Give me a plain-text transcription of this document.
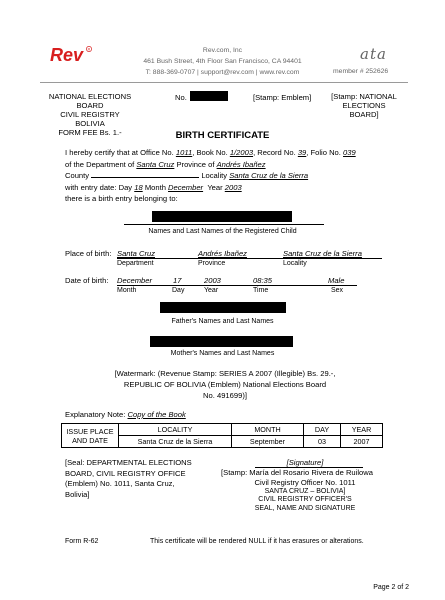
Rev R	Rev.com, Inc
461 Bush Street, 4th Floor San Francisco, CA 94401
T: 888-369-0707 | support@rev.com | www.rev.com
ata
member # 252626
NATIONAL ELECTIONS BOARD
CIVIL REGISTRY
BOLIVIA
FORM FEE Bs. 1.-
No.	[Stamp: Emblem]	[Stamp: NATIONAL
ELECTIONS BOARD]
BIRTH CERTIFICATE
I hereby certify that at Office No. 1011, Book No. 1/2003, Record No. 39, Folio No. 039
of the Department of Santa Cruz Province of Andrés Ibañez
County	Locality Santa Cruz de la Sierra
with entry date: Day 18 Month December Year 2003
there is a birth entry belonging to:
Names and Last Names of the Registered Child
Place of birth: Santa Cruz	Andrés Ibañez	Santa Cruz de la Sierra
Department	Province	Locality
Date of birth: December	17	2003	08:35	Male
Month	Day	Year	Time	Sex
Father's Names and Last Names
Mother's Names and Last Names
[Watermark: (Revenue Stamp: SERIES A 2007 (Illegible) Bs. 29.-,
REPUBLIC OF BOLIVIA (Emblem) National Elections Board
No. 491699)]
Explanatory Note: Copy of the Book
ISSUE PLACE
AND DATE	LOCALITY	MONTH	DAY	YEAR
	Santa Cruz de la Sierra	September	03	2007
[Seal: DEPARTMENTAL ELECTIONS
BOARD, CIVIL REGISTRY OFFICE
(Emblem) No. 1011, Santa Cruz,
Bolivia]
[Signature]
[Stamp: María del Rosario Rivera de Ruilowa
Civil Registry Officer No. 1011
SANTA CRUZ – BOLIVIA]
CIVIL REGISTRY OFFICER'S
SEAL, NAME AND SIGNATURE
Form R-62	This certificate will be rendered NULL if it has erasures or alterations.
Page 2 of 2
